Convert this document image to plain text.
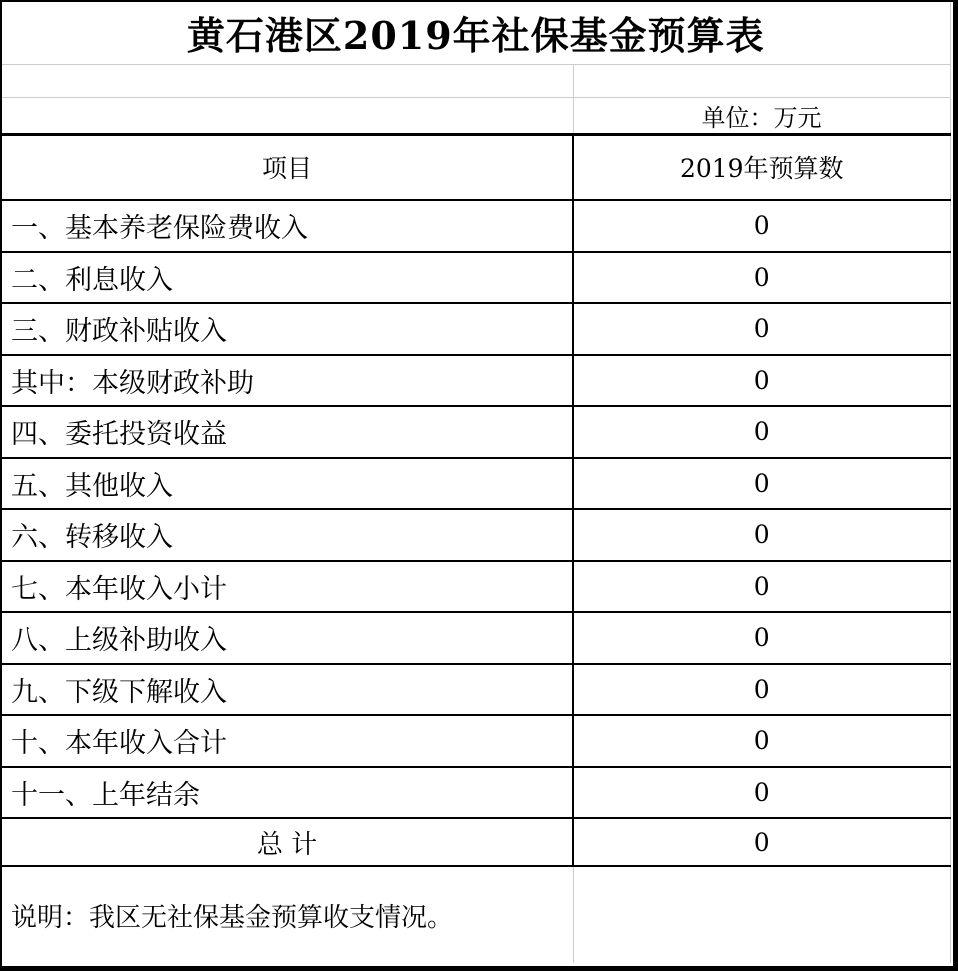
黄石港区2019年社保基金预算表	

	单位：万元
项目	2019年预算数
一、基本养老保险费收入	0
二、利息收入	0
三、财政补贴收入	0
其中：本级财政补助	0
四、委托投资收益	0
五、其他收入	0
六、转移收入	0
七、本年收入小计	0
八、上级补助收入	0
九、下级下解收入	0
十、本年收入合计	0
十一、上年结余	0
总 计	0
说明：我区无社保基金预算收支情况。	
